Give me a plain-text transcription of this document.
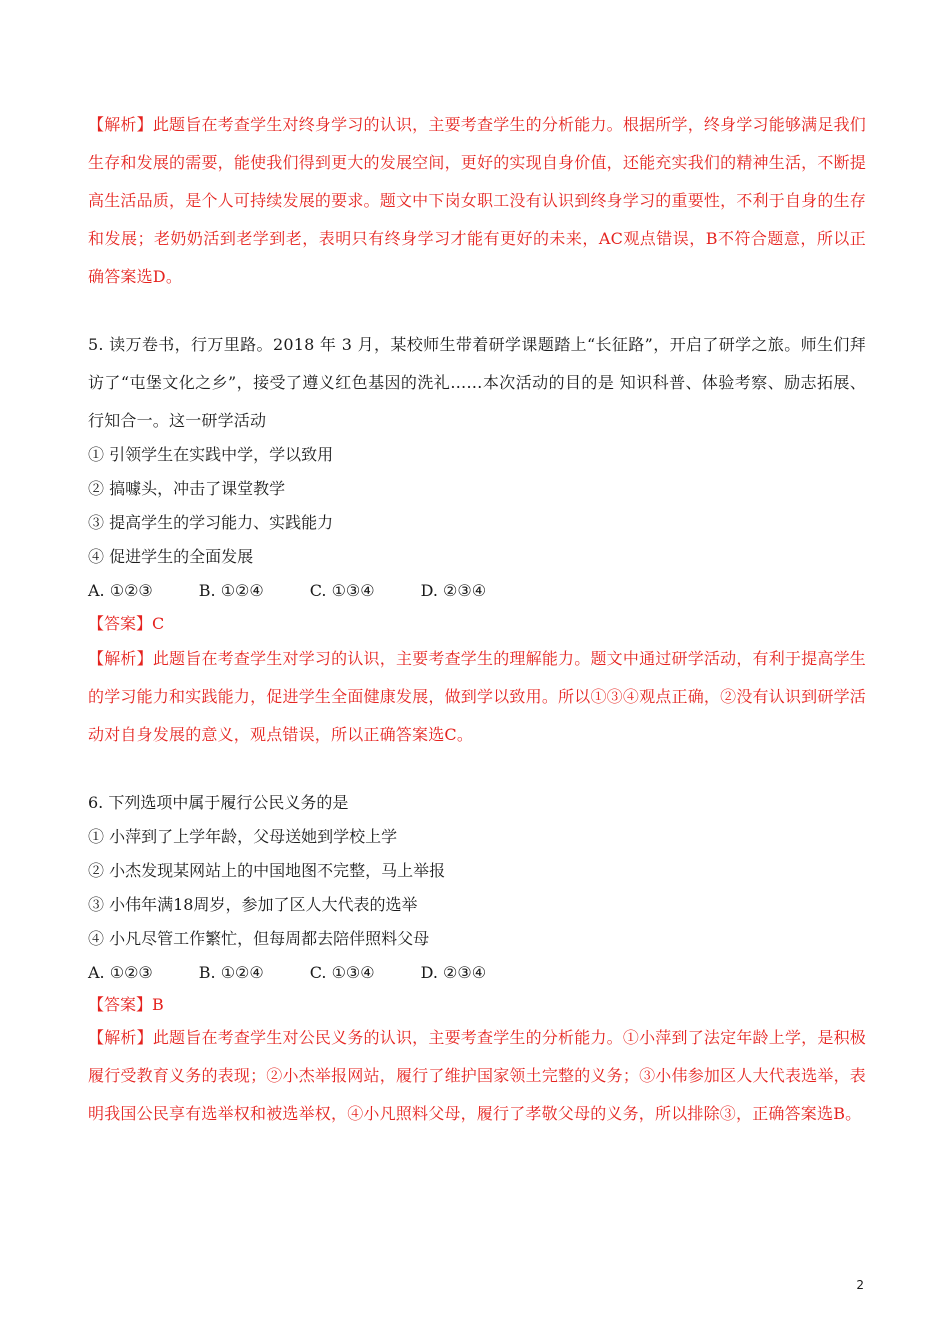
【解析】此题旨在考查学生对终身学习的认识，主要考查学生的分析能力。根据所学，终身学习能够满足我们生存和发展的需要，能使我们得到更大的发展空间，更好的实现自身价值，还能充实我们的精神生活，不断提高生活品质，是个人可持续发展的要求。题文中下岗女职工没有认识到终身学习的重要性，不利于自身的生存和发展；老奶奶活到老学到老，表明只有终身学习才能有更好的未来，AC观点错误，B不符合题意，所以正确答案选D。

5. 读万卷书，行万里路。2018 年 3 月，某校师生带着研学课题踏上“长征路”，开启了研学之旅。师生们拜访了“屯堡文化之乡”，接受了遵义红色基因的洗礼……本次活动的目的是 知识科普、体验考察、励志拓展、行知合一。这一研学活动

① 引领学生在实践中学，学以致用

② 搞噱头，冲击了课堂教学

③ 提高学生的学习能力、实践能力

④ 促进学生的全面发展

A. ①②③	B. ①②④	C. ①③④	D. ②③④

【答案】C

【解析】此题旨在考查学生对学习的认识，主要考查学生的理解能力。题文中通过研学活动，有利于提高学生的学习能力和实践能力，促进学生全面健康发展，做到学以致用。所以①③④观点正确，②没有认识到研学活动对自身发展的意义，观点错误，所以正确答案选C。

6. 下列选项中属于履行公民义务的是

① 小萍到了上学年龄，父母送她到学校上学

② 小杰发现某网站上的中国地图不完整，马上举报

③ 小伟年满18周岁，参加了区人大代表的选举

④ 小凡尽管工作繁忙，但每周都去陪伴照料父母

A. ①②③	B. ①②④	C. ①③④	D. ②③④

【答案】B

【解析】此题旨在考查学生对公民义务的认识，主要考查学生的分析能力。①小萍到了法定年龄上学，是积极履行受教育义务的表现；②小杰举报网站，履行了维护国家领土完整的义务；③小伟参加区人大代表选举，表明我国公民享有选举权和被选举权，④小凡照料父母，履行了孝敬父母的义务，所以排除③，正确答案选B。

2
